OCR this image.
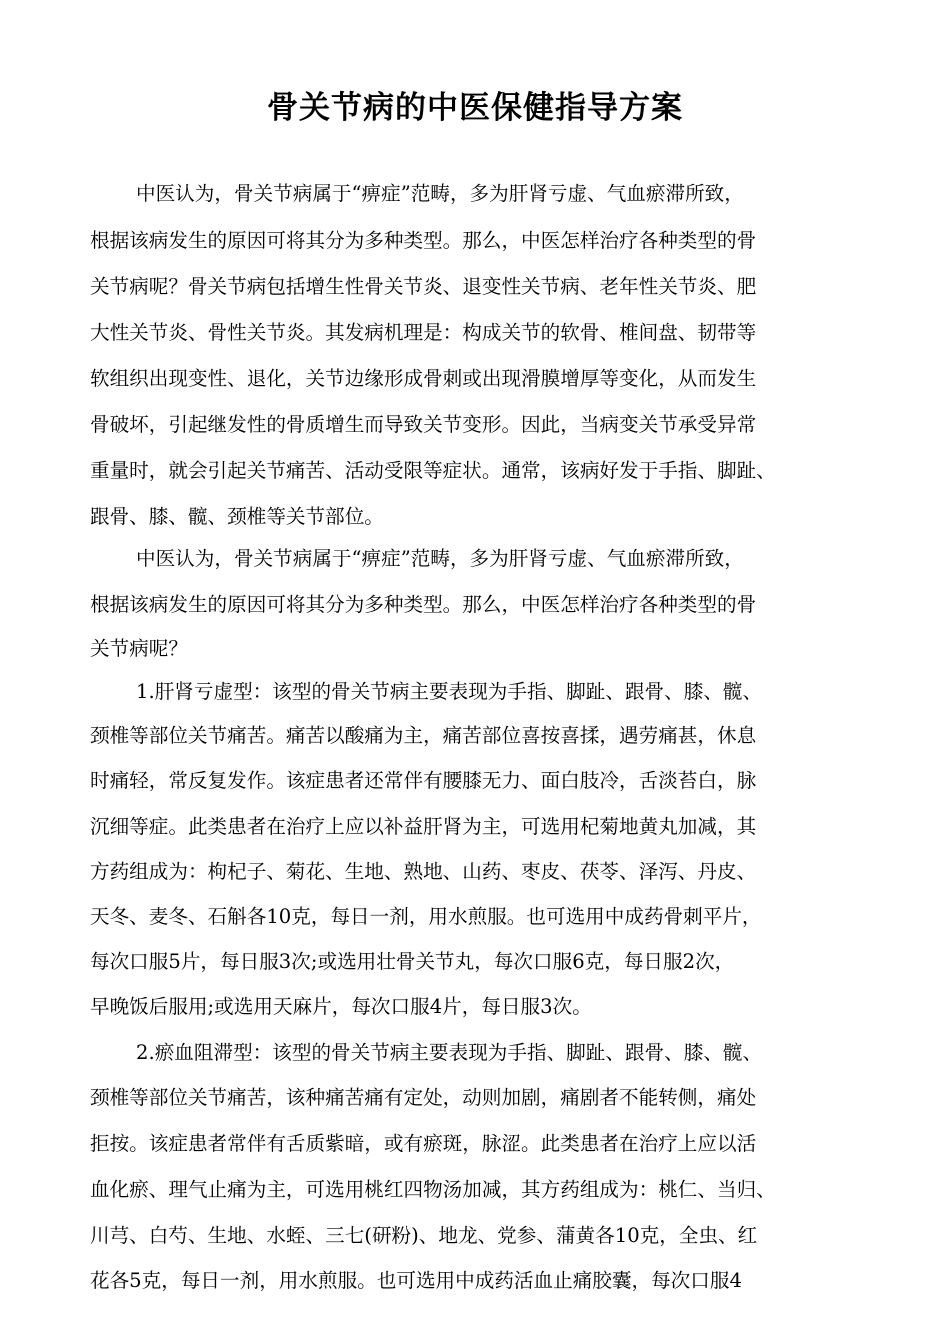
骨关节病的中医保健指导方案
中医认为，骨关节病属于“痹症”范畴，多为肝肾亏虚、气血瘀滞所致，
根据该病发生的原因可将其分为多种类型。那么，中医怎样治疗各种类型的骨
关节病呢？骨关节病包括增生性骨关节炎、退变性关节病、老年性关节炎、肥
大性关节炎、骨性关节炎。其发病机理是：构成关节的软骨、椎间盘、韧带等
软组织出现变性、退化，关节边缘形成骨刺或出现滑膜增厚等变化，从而发生
骨破坏，引起继发性的骨质增生而导致关节变形。因此，当病变关节承受异常
重量时，就会引起关节痛苦、活动受限等症状。通常，该病好发于手指、脚趾、
跟骨、膝、髋、颈椎等关节部位。
中医认为，骨关节病属于“痹症”范畴，多为肝肾亏虚、气血瘀滞所致，
根据该病发生的原因可将其分为多种类型。那么，中医怎样治疗各种类型的骨
关节病呢？
1.肝肾亏虚型：该型的骨关节病主要表现为手指、脚趾、跟骨、膝、髋、
颈椎等部位关节痛苦。痛苦以酸痛为主，痛苦部位喜按喜揉，遇劳痛甚，休息
时痛轻，常反复发作。该症患者还常伴有腰膝无力、面白肢冷，舌淡苔白，脉
沉细等症。此类患者在治疗上应以补益肝肾为主，可选用杞菊地黄丸加减，其
方药组成为：枸杞子、菊花、生地、熟地、山药、枣皮、茯苓、泽泻、丹皮、
天冬、麦冬、石斛各10克，每日一剂，用水煎服。也可选用中成药骨刺平片，
每次口服5片，每日服3次;或选用壮骨关节丸，每次口服6克，每日服2次，
早晚饭后服用;或选用天麻片，每次口服4片，每日服3次。
2.瘀血阻滞型：该型的骨关节病主要表现为手指、脚趾、跟骨、膝、髋、
颈椎等部位关节痛苦，该种痛苦痛有定处，动则加剧，痛剧者不能转侧，痛处
拒按。该症患者常伴有舌质紫暗，或有瘀斑，脉涩。此类患者在治疗上应以活
血化瘀、理气止痛为主，可选用桃红四物汤加减，其方药组成为：桃仁、当归、
川芎、白芍、生地、水蛭、三七(研粉)、地龙、党参、蒲黄各10克，全虫、红
花各5克，每日一剂，用水煎服。也可选用中成药活血止痛胶囊，每次口服4
